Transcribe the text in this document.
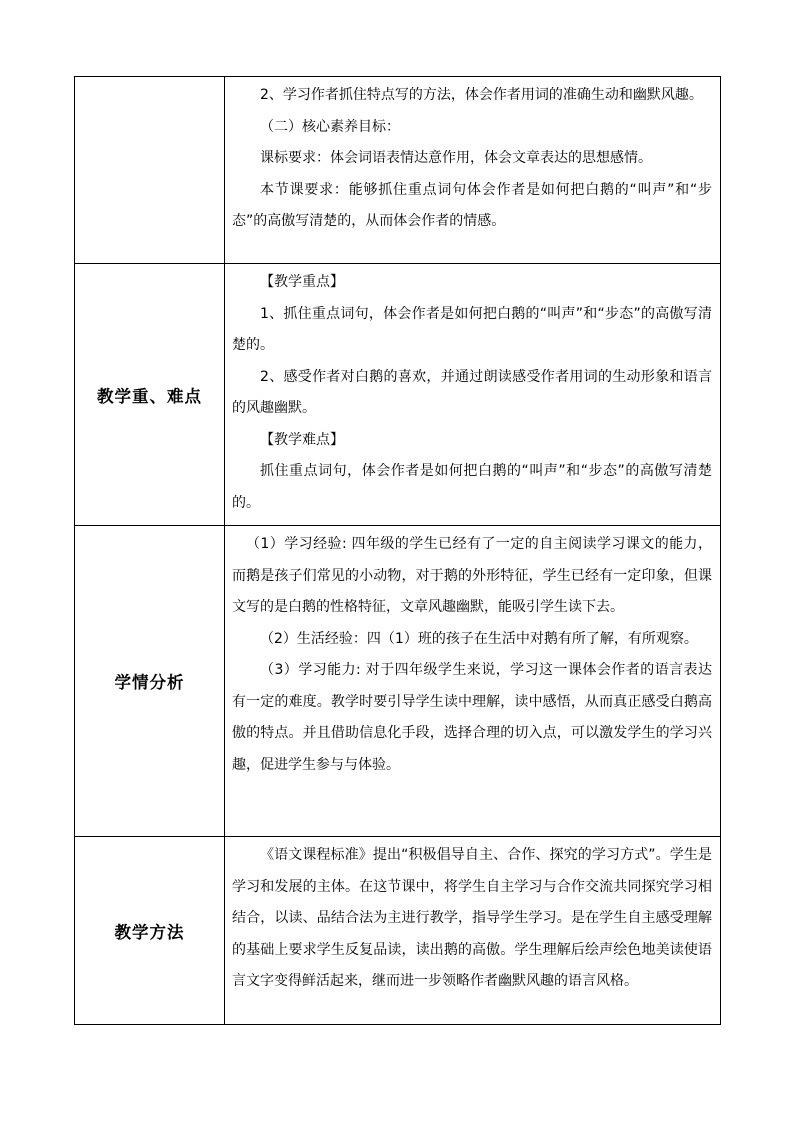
	2、学习作者抓住特点写的方法，体会作者用词的准确生动和幽默风趣。

（二）核心素养目标：

课标要求：体会词语表情达意作用，体会文章表达的思想感情。

本节课要求：能够抓住重点词句体会作者是如何把白鹅的“叫声”和“步态”的高傲写清楚的，从而体会作者的情感。

教学重、难点	【教学重点】

1、抓住重点词句，体会作者是如何把白鹅的“叫声”和“步态”的高傲写清楚的。

2、感受作者对白鹅的喜欢，并通过朗读感受作者用词的生动形象和语言的风趣幽默。

【教学难点】

抓住重点词句，体会作者是如何把白鹅的“叫声”和“步态”的高傲写清楚的。

学情分析	（1）学习经验: 四年级的学生已经有了一定的自主阅读学习课文的能力，而鹅是孩子们常见的小动物，对于鹅的外形特征，学生已经有一定印象，但课文写的是白鹅的性格特征，文章风趣幽默，能吸引学生读下去。

（2）生活经验：四（1）班的孩子在生活中对鹅有所了解，有所观察。

（3）学习能力: 对于四年级学生来说，学习这一课体会作者的语言表达有一定的难度。教学时要引导学生读中理解，读中感悟，从而真正感受白鹅高傲的特点。并且借助信息化手段，选择合理的切入点，可以激发学生的学习兴趣，促进学生参与与体验。

教学方法	《语文课程标准》提出“积极倡导自主、合作、探究的学习方式”。学生是学习和发展的主体。在这节课中，将学生自主学习与合作交流共同探究学习相结合，以读、品结合法为主进行教学，指导学生学习。是在学生自主感受理解的基础上要求学生反复品读，读出鹅的高傲。学生理解后绘声绘色地美读使语言文字变得鲜活起来，继而进一步领略作者幽默风趣的语言风格。
